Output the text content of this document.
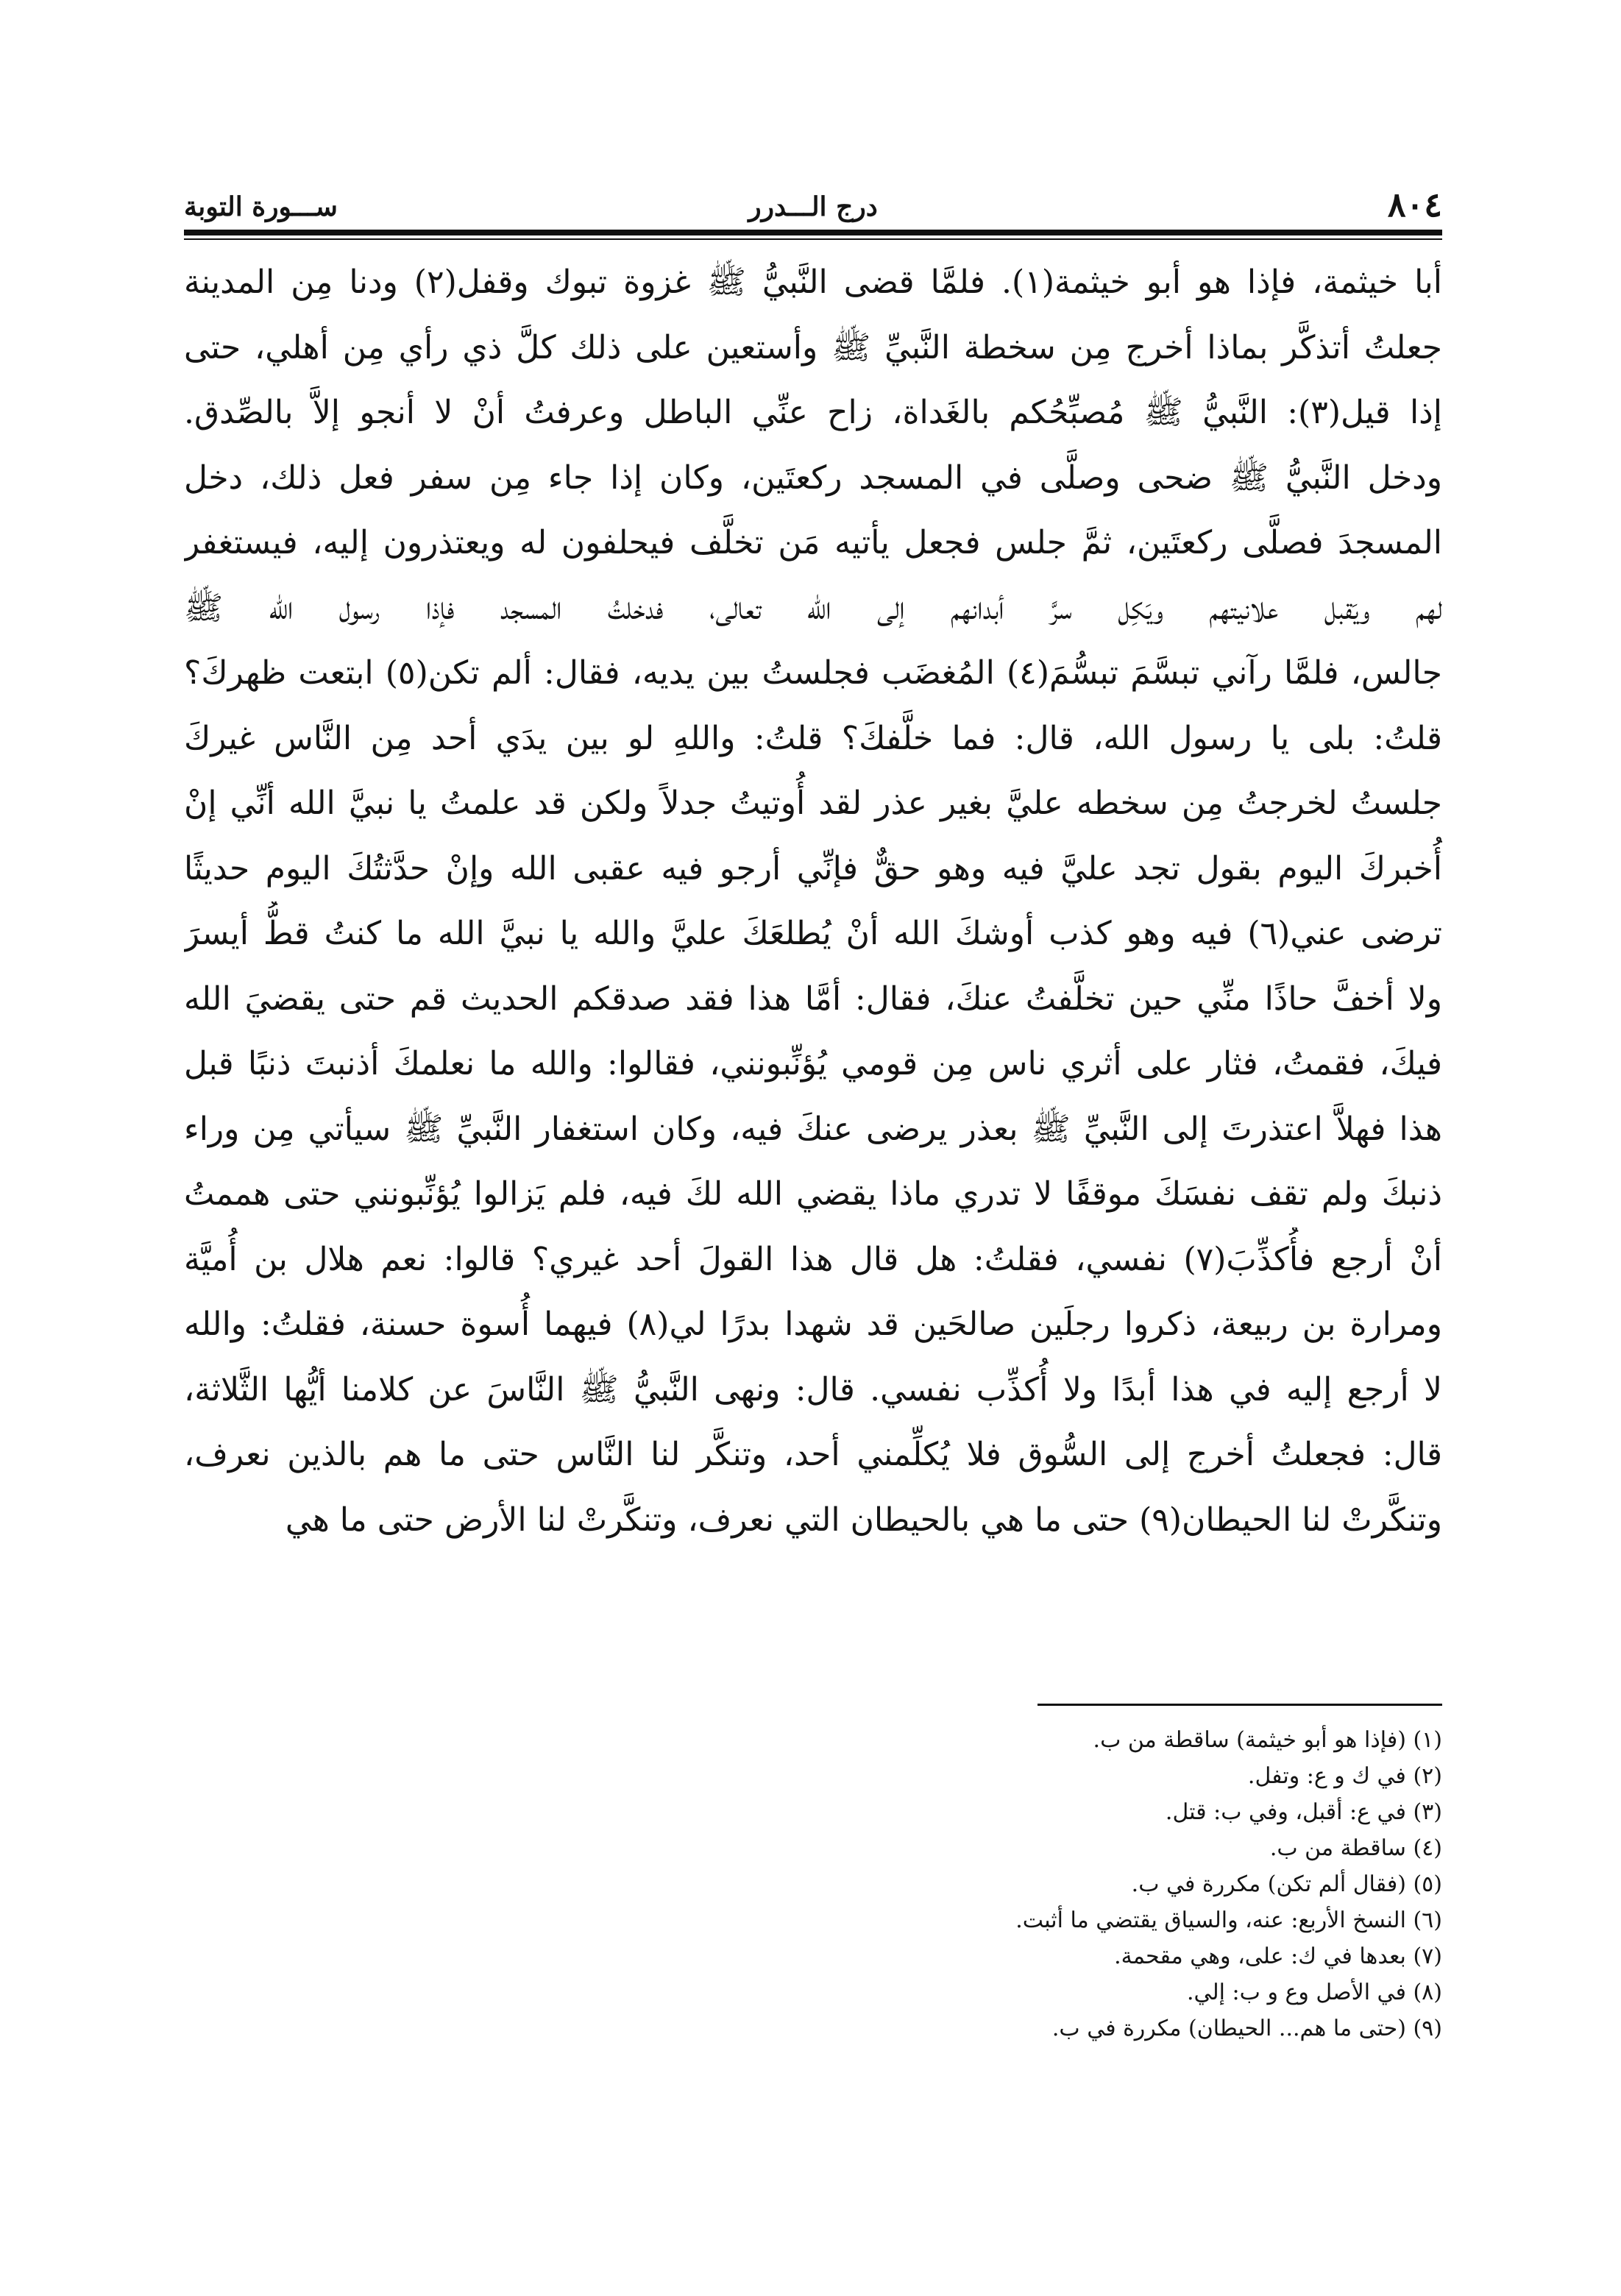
٨٠٤
درج الـــدرر
ســـورة التوبة
أبا خيثمة، فإذا هو أبو خيثمة(١). فلمَّا قضى النَّبيُّ ﷺ غزوة تبوك وقفل(٢) ودنا مِن المدينة
جعلتُ أتذكَّر بماذا أخرج مِن سخطة النَّبيِّ ﷺ وأستعين على ذلك كلَّ ذي رأي مِن أهلي، حتى
إذا قيل(٣): النَّبيُّ ﷺ مُصبِّحُكم بالغَداة، زاح عنِّي الباطل وعرفتُ أنْ لا أنجو إلاَّ بالصِّدق.
ودخل النَّبيُّ ﷺ ضحى وصلَّى في المسجد ركعتَين، وكان إذا جاء مِن سفر فعل ذلك، دخل
المسجدَ فصلَّى ركعتَين، ثمَّ جلس فجعل يأتيه مَن تخلَّف فيحلفون له ويعتذرون إليه، فيستغفر
لهم ويَقبل علانيتهم ويَكِل سرَّ أبدانهم إلى الله تعالى، فدخلتُ المسجد فإذا رسول الله ﷺ
جالس، فلمَّا رآني تبسَّمَ تبسُّمَ(٤) المُغضَب فجلستُ بين يديه، فقال: ألم تكن(٥) ابتعت ظهركَ؟
قلتُ: بلى يا رسول الله، قال: فما خلَّفكَ؟ قلتُ: واللهِ لو بين يدَي أحد مِن النَّاس غيركَ
جلستُ لخرجتُ مِن سخطه عليَّ بغير عذر لقد أُوتيتُ جدلاً ولكن قد علمتُ يا نبيَّ الله أنِّي إنْ
أُخبركَ اليوم بقول تجد عليَّ فيه وهو حقٌّ فإنِّي أرجو فيه عقبى الله وإنْ حدَّثتُكَ اليوم حديثًا
ترضى عني(٦) فيه وهو كذب أوشكَ الله أنْ يُطلعَكَ عليَّ والله يا نبيَّ الله ما كنتُ قطُّ أيسرَ
ولا أخفَّ حاذًا منِّي حين تخلَّفتُ عنكَ، فقال: أمَّا هذا فقد صدقكم الحديث قم حتى يقضيَ الله
فيكَ، فقمتُ، فثار على أثري ناس مِن قومي يُؤنِّبونني، فقالوا: والله ما نعلمكَ أذنبتَ ذنبًا قبل
هذا فهلاَّ اعتذرتَ إلى النَّبيِّ ﷺ بعذر يرضى عنكَ فيه، وكان استغفار النَّبيِّ ﷺ سيأتي مِن وراء
ذنبكَ ولم تقف نفسَكَ موقفًا لا تدري ماذا يقضي الله لكَ فيه، فلم يَزالوا يُؤنِّبونني حتى هممتُ
أنْ أرجع فأُكذِّبَ(٧) نفسي، فقلتُ: هل قال هذا القولَ أحد غيري؟ قالوا: نعم هلال بن أُميَّة
ومرارة بن ربيعة، ذكروا رجلَين صالحَين قد شهدا بدرًا لي(٨) فيهما أُسوة حسنة، فقلتُ: والله
لا أرجع إليه في هذا أبدًا ولا أُكذِّب نفسي. قال: ونهى النَّبيُّ ﷺ النَّاسَ عن كلامنا أيُّها الثَّلاثة،
قال: فجعلتُ أخرج إلى السُّوق فلا يُكلِّمني أحد، وتنكَّر لنا النَّاس حتى ما هم بالذين نعرف،
وتنكَّرتْ لنا الحيطان(٩) حتى ما هي بالحيطان التي نعرف، وتنكَّرتْ لنا الأرض حتى ما هي
(١) (فإذا هو أبو خيثمة) ساقطة من ب.
(٢) في ك و ع: وتفل.
(٣) في ع: أقبل، وفي ب: قتل.
(٤) ساقطة من ب.
(٥) (فقال ألم تكن) مكررة في ب.
(٦) النسخ الأربع: عنه، والسياق يقتضي ما أثبت.
(٧) بعدها في ك: على، وهي مقحمة.
(٨) في الأصل وع و ب: إلي.
(٩) (حتى ما هم... الحيطان) مكررة في ب.
